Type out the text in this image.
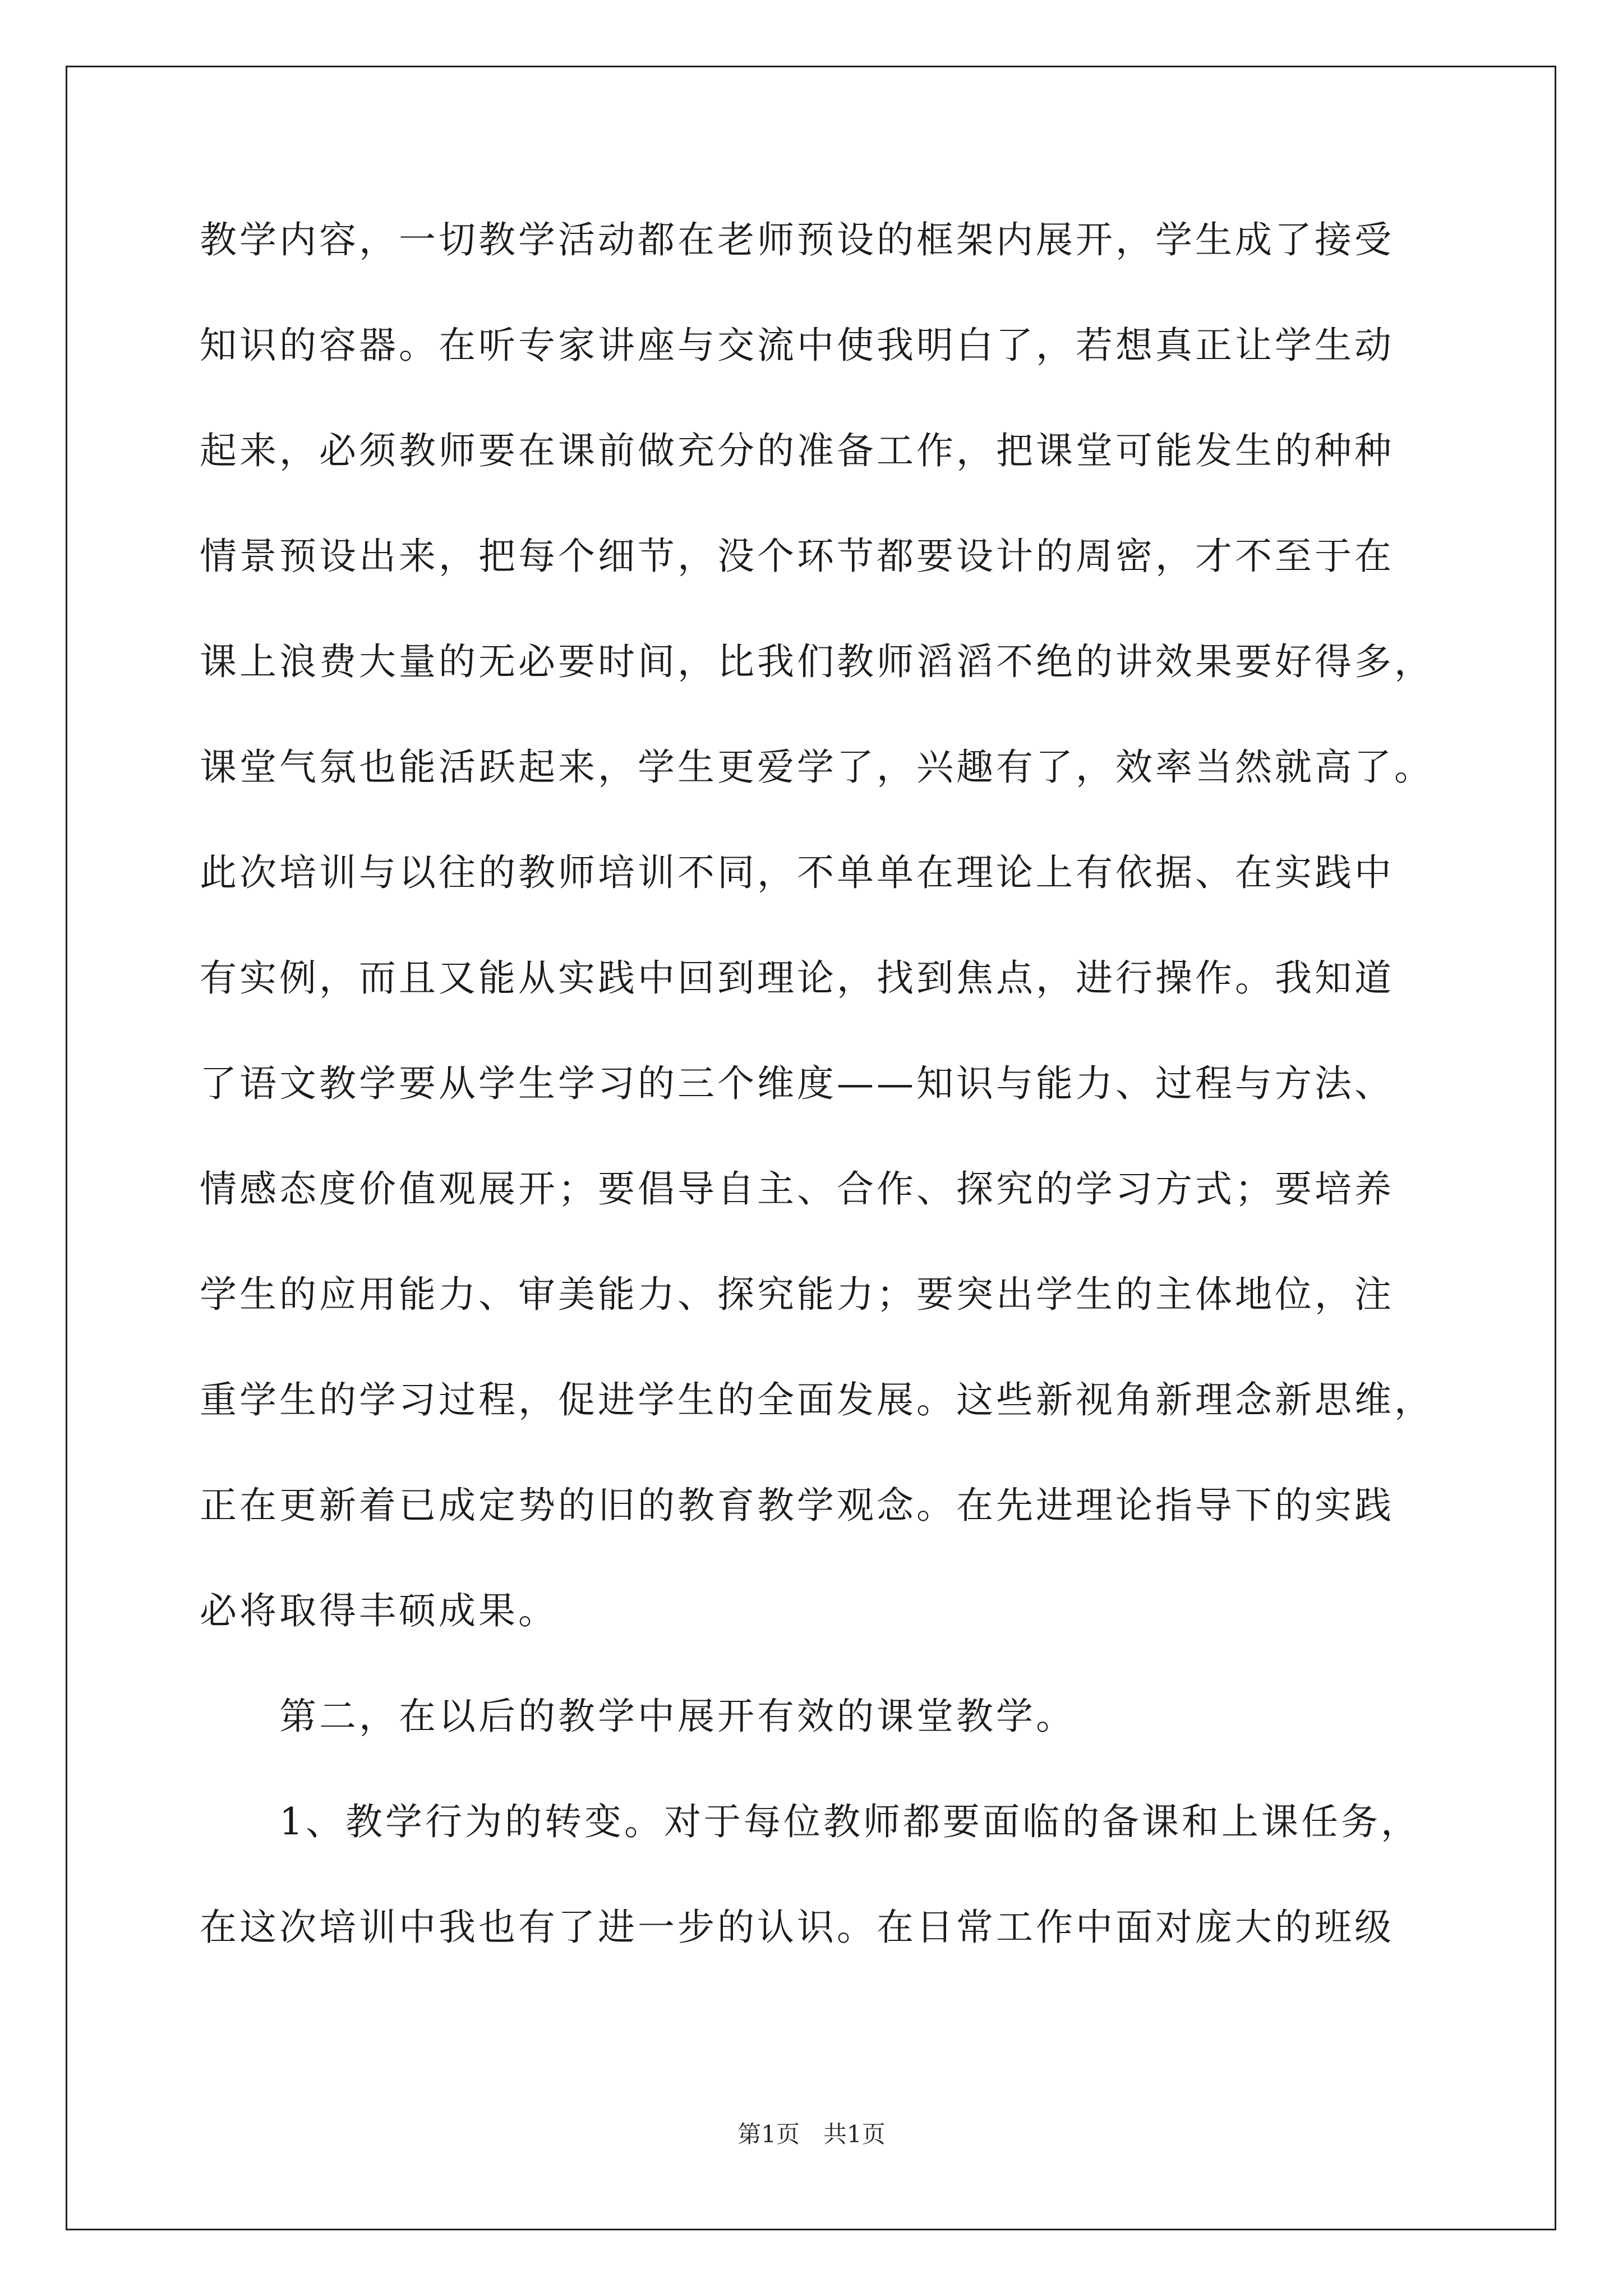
教学内容，一切教学活动都在老师预设的框架内展开，学生成了接受
知识的容器。在听专家讲座与交流中使我明白了，若想真正让学生动
起来，必须教师要在课前做充分的准备工作，把课堂可能发生的种种
情景预设出来，把每个细节，没个环节都要设计的周密，才不至于在
课上浪费大量的无必要时间，比我们教师滔滔不绝的讲效果要好得多，
课堂气氛也能活跃起来，学生更爱学了，兴趣有了，效率当然就高了。
此次培训与以往的教师培训不同，不单单在理论上有依据、在实践中
有实例，而且又能从实践中回到理论，找到焦点，进行操作。我知道
了语文教学要从学生学习的三个维度——知识与能力、过程与方法、
情感态度价值观展开；要倡导自主、合作、探究的学习方式；要培养
学生的应用能力、审美能力、探究能力；要突出学生的主体地位，注
重学生的学习过程，促进学生的全面发展。这些新视角新理念新思维，
正在更新着已成定势的旧的教育教学观念。在先进理论指导下的实践
必将取得丰硕成果。
第二，在以后的教学中展开有效的课堂教学。
1、教学行为的转变。对于每位教师都要面临的备课和上课任务，
在这次培训中我也有了进一步的认识。在日常工作中面对庞大的班级
第1页　共1页
